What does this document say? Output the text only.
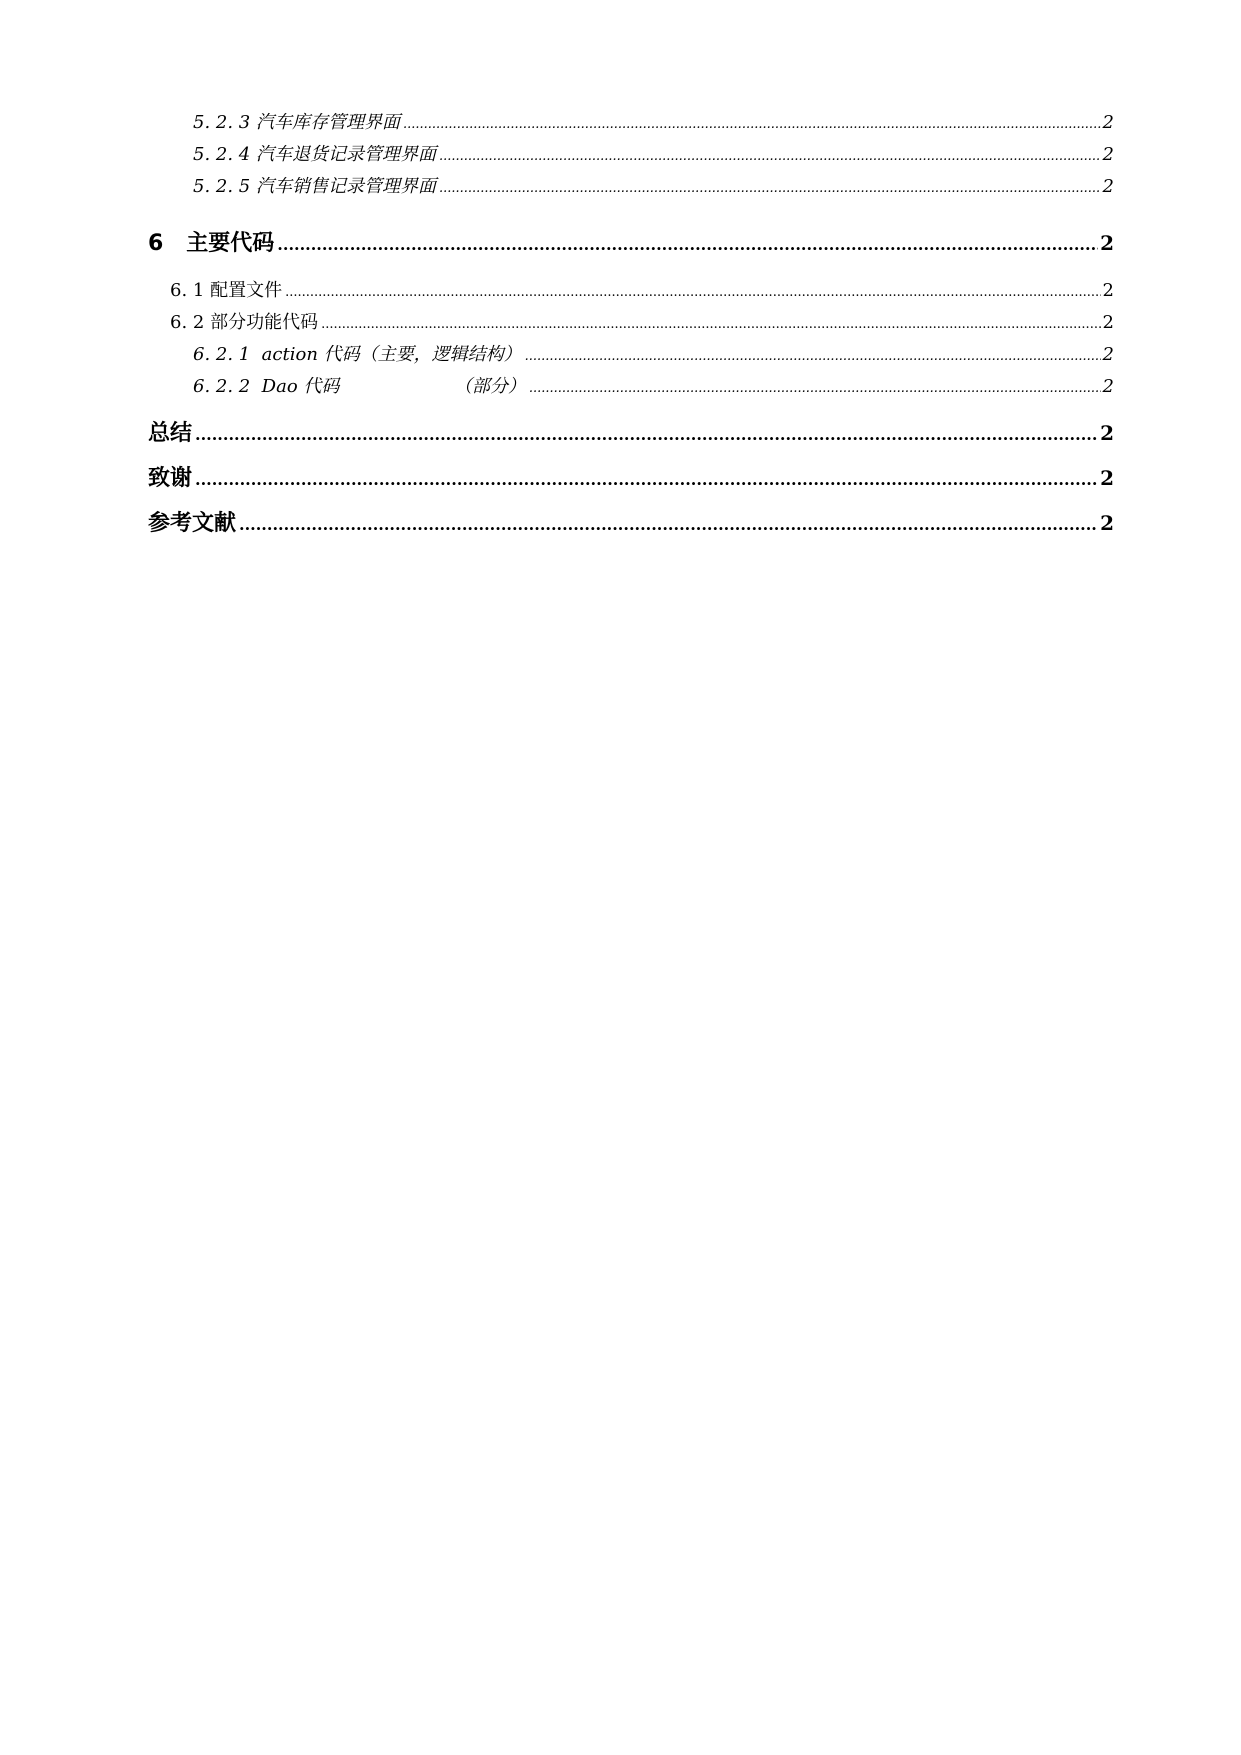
5. 2. 3 汽车库存管理界面 .....	2
5. 2. 4 汽车退货记录管理界面 .....	2
5. 2. 5 汽车销售记录管理界面 .....	2
6   主要代码 .....	2
6. 1 配置文件 .....	2
6. 2 部分功能代码 .....	2
6. 2. 1  action 代码（主要，逻辑结构） .....	2
6. 2. 2  Dao 代码                    （部分） .....	2
总结 .....	2
致谢 .....	2
参考文献 .....	2
